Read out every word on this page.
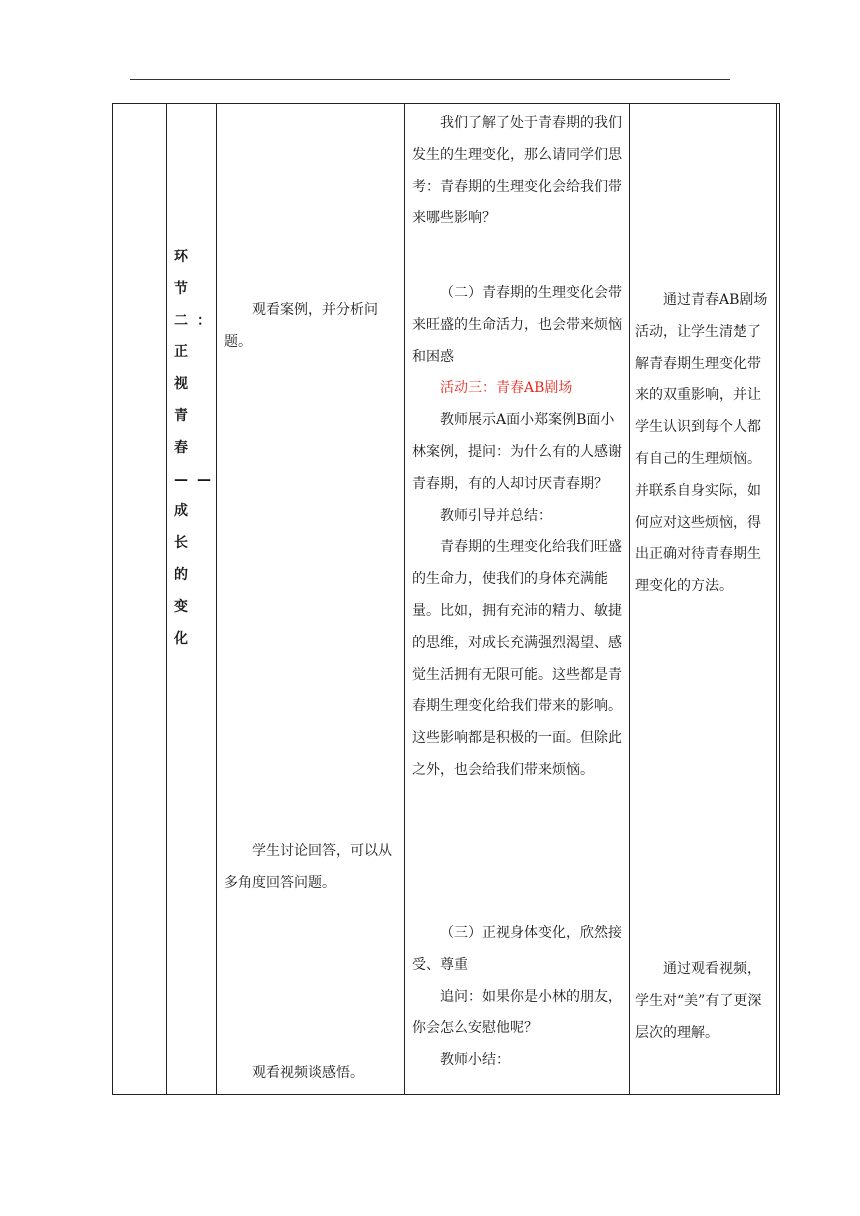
环节
二：
正视
青春
——
成长
的变
化

观看案例，并分析问题。

学生讨论回答，可以从多角度回答问题。

观看视频谈感悟。

我们了解了处于青春期的我们发生的生理变化，那么请同学们思考：青春期的生理变化会给我们带来哪些影响？

（二）青春期的生理变化会带来旺盛的生命活力，也会带来烦恼和困惑

活动三：青春AB剧场

教师展示A面小郑案例B面小林案例，提问：为什么有的人感谢青春期，有的人却讨厌青春期？

教师引导并总结：

青春期的生理变化给我们旺盛的生命力，使我们的身体充满能量。比如，拥有充沛的精力、敏捷的思维，对成长充满强烈渴望、感觉生活拥有无限可能。这些都是青春期生理变化给我们带来的影响。这些影响都是积极的一面。但除此之外，也会给我们带来烦恼。

（三）正视身体变化，欣然接受、尊重

追问：如果你是小林的朋友，你会怎么安慰他呢？

教师小结：

通过青春AB剧场活动，让学生清楚了解青春期生理变化带来的双重影响，并让学生认识到每个人都有自己的生理烦恼。并联系自身实际，如何应对这些烦恼，得出正确对待青春期生理变化的方法。

通过观看视频，学生对“美”有了更深层次的理解。
